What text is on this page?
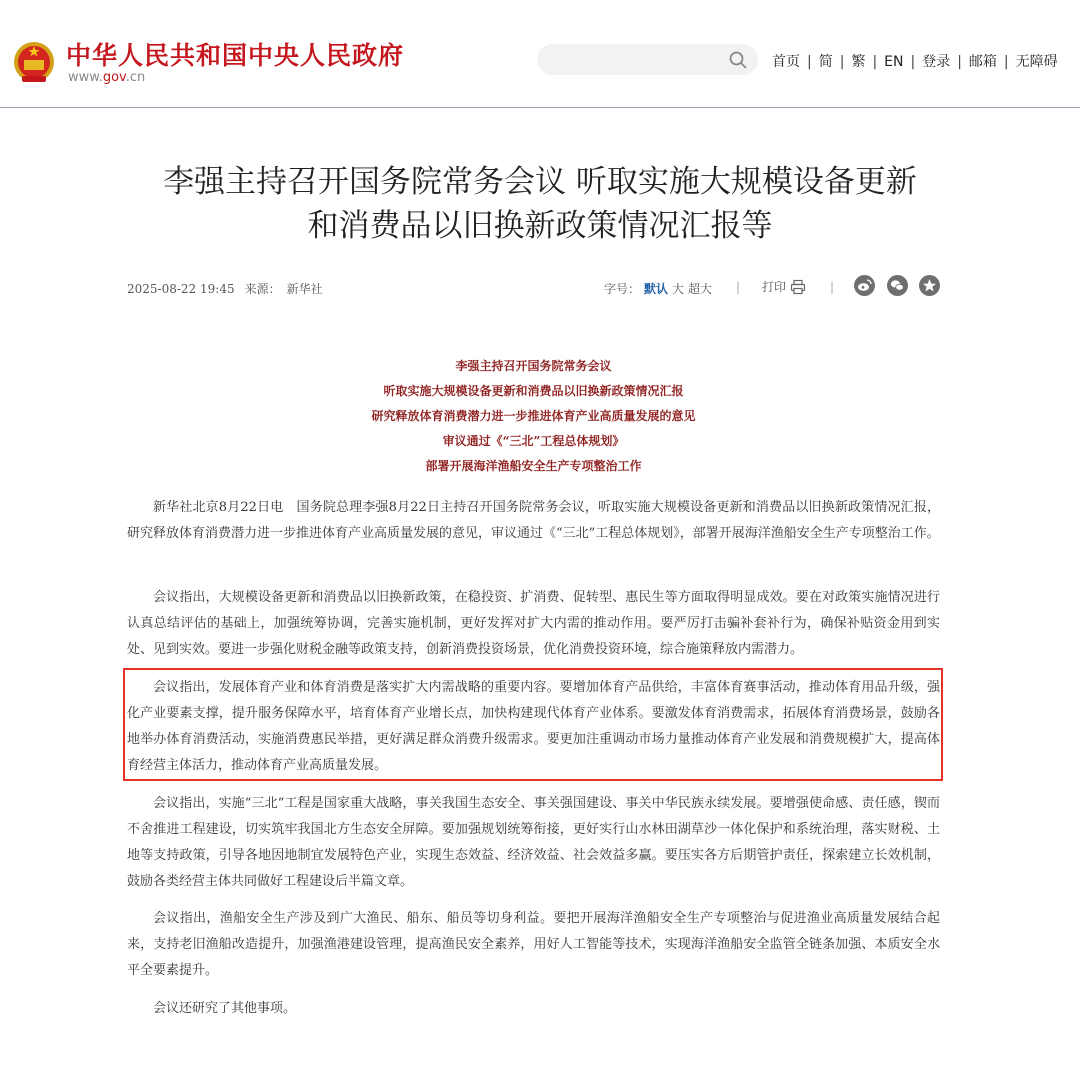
中华人民共和国中央人民政府
www.gov.cn
首页 | 简 | 繁 | EN | 登录 | 邮箱 | 无障碍
李强主持召开国务院常务会议 听取实施大规模设备更新
和消费品以旧换新政策情况汇报等
2025-08-22 19:45 来源： 新华社	字号： 默认 大 超大 | 打印	|
李强主持召开国务院常务会议
听取实施大规模设备更新和消费品以旧换新政策情况汇报
研究释放体育消费潜力进一步推进体育产业高质量发展的意见
审议通过《“三北”工程总体规划》
部署开展海洋渔船安全生产专项整治工作
新华社北京8月22日电　国务院总理李强8月22日主持召开国务院常务会议，听取实施大规模设备更新和消费品以旧换新政策情况汇报，研究释放体育消费潜力进一步推进体育产业高质量发展的意见，审议通过《“三北”工程总体规划》，部署开展海洋渔船安全生产专项整治工作。
会议指出，大规模设备更新和消费品以旧换新政策，在稳投资、扩消费、促转型、惠民生等方面取得明显成效。要在对政策实施情况进行认真总结评估的基础上，加强统筹协调，完善实施机制，更好发挥对扩大内需的推动作用。要严厉打击骗补套补行为，确保补贴资金用到实处、见到实效。要进一步强化财税金融等政策支持，创新消费投资场景，优化消费投资环境，综合施策释放内需潜力。
会议指出，发展体育产业和体育消费是落实扩大内需战略的重要内容。要增加体育产品供给，丰富体育赛事活动，推动体育用品升级，强化产业要素支撑，提升服务保障水平，培育体育产业增长点，加快构建现代体育产业体系。要激发体育消费需求，拓展体育消费场景，鼓励各地举办体育消费活动，实施消费惠民举措，更好满足群众消费升级需求。要更加注重调动市场力量推动体育产业发展和消费规模扩大，提高体育经营主体活力，推动体育产业高质量发展。
会议指出，实施“三北”工程是国家重大战略，事关我国生态安全、事关强国建设、事关中华民族永续发展。要增强使命感、责任感，锲而不舍推进工程建设，切实筑牢我国北方生态安全屏障。要加强规划统筹衔接，更好实行山水林田湖草沙一体化保护和系统治理，落实财税、土地等支持政策，引导各地因地制宜发展特色产业，实现生态效益、经济效益、社会效益多赢。要压实各方后期管护责任，探索建立长效机制，鼓励各类经营主体共同做好工程建设后半篇文章。
会议指出，渔船安全生产涉及到广大渔民、船东、船员等切身利益。要把开展海洋渔船安全生产专项整治与促进渔业高质量发展结合起来，支持老旧渔船改造提升，加强渔港建设管理，提高渔民安全素养，用好人工智能等技术，实现海洋渔船安全监管全链条加强、本质安全水平全要素提升。
会议还研究了其他事项。
